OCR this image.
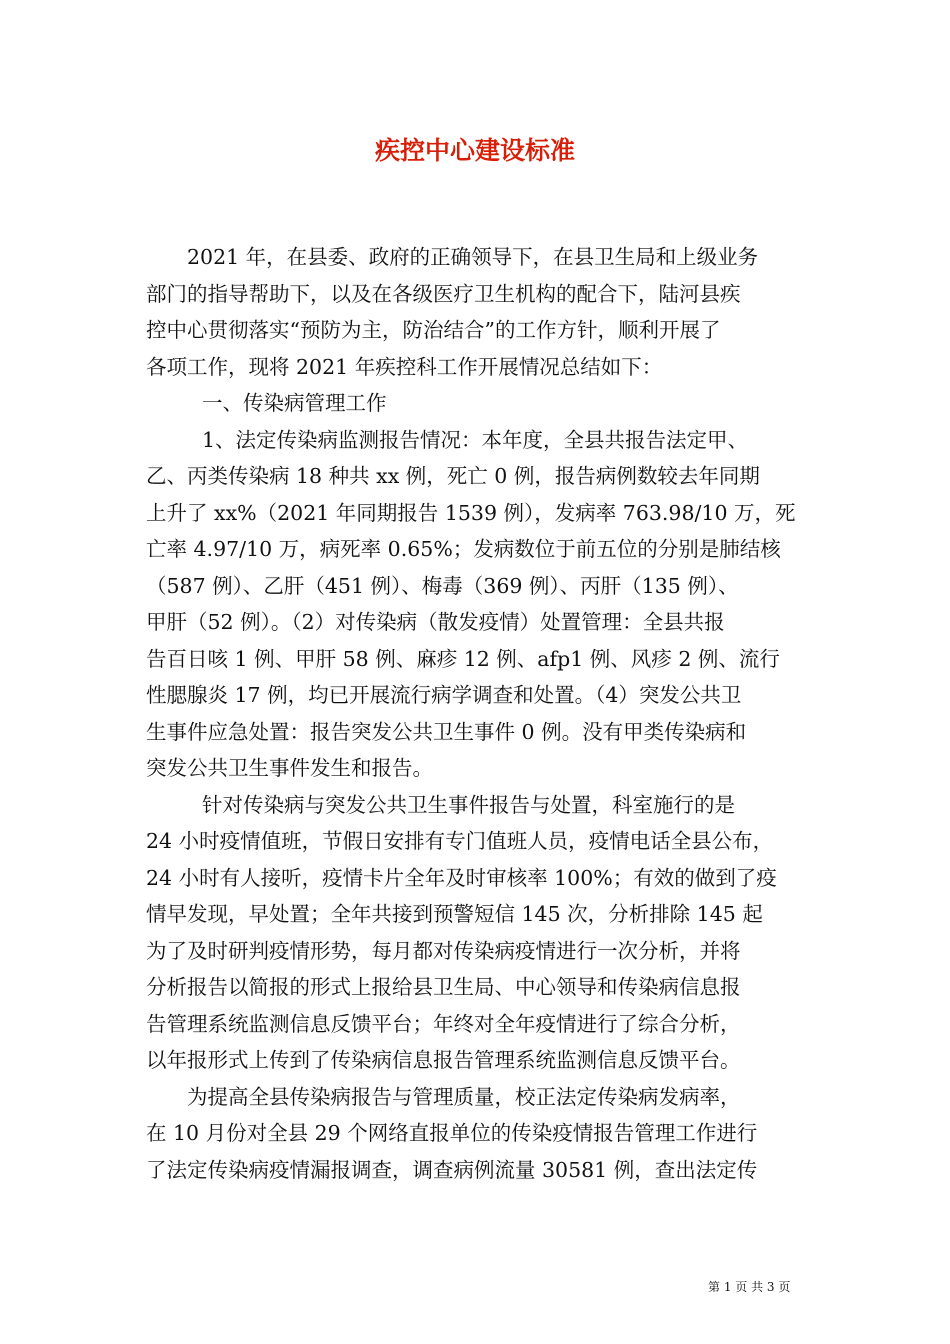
疾控中心建设标准

2021 年，在县委、政府的正确领导下，在县卫生局和上级业务
部门的指导帮助下，以及在各级医疗卫生机构的配合下，陆河县疾
控中心贯彻落实“预防为主，防治结合”的工作方针，顺利开展了
各项工作，现将 2021 年疾控科工作开展情况总结如下：

一、传染病管理工作

1、法定传染病监测报告情况：本年度，全县共报告法定甲、
乙、丙类传染病 18 种共 xx 例，死亡 0 例，报告病例数较去年同期
上升了 xx%（2021 年同期报告 1539 例），发病率 763.98/10 万，死
亡率 4.97/10 万，病死率 0.65%；发病数位于前五位的分别是肺结核
（587 例）、乙肝（451 例）、梅毒（369 例）、丙肝（135 例）、
甲肝（52 例）。（2）对传染病（散发疫情）处置管理：全县共报
告百日咳 1 例、甲肝 58 例、麻疹 12 例、afp1 例、风疹 2 例、流行
性腮腺炎 17 例，均已开展流行病学调查和处置。（4）突发公共卫
生事件应急处置：报告突发公共卫生事件 0 例。没有甲类传染病和
突发公共卫生事件发生和报告。

针对传染病与突发公共卫生事件报告与处置，科室施行的是
24 小时疫情值班，节假日安排有专门值班人员，疫情电话全县公布，
24 小时有人接听，疫情卡片全年及时审核率 100%；有效的做到了疫
情早发现，早处置；全年共接到预警短信 145 次，分析排除 145 起
为了及时研判疫情形势，每月都对传染病疫情进行一次分析，并将
分析报告以简报的形式上报给县卫生局、中心领导和传染病信息报
告管理系统监测信息反馈平台；年终对全年疫情进行了综合分析，
以年报形式上传到了传染病信息报告管理系统监测信息反馈平台。

为提高全县传染病报告与管理质量，校正法定传染病发病率，
在 10 月份对全县 29 个网络直报单位的传染疫情报告管理工作进行
了法定传染病疫情漏报调查，调查病例流量 30581 例，查出法定传

第 1 页 共 3 页
